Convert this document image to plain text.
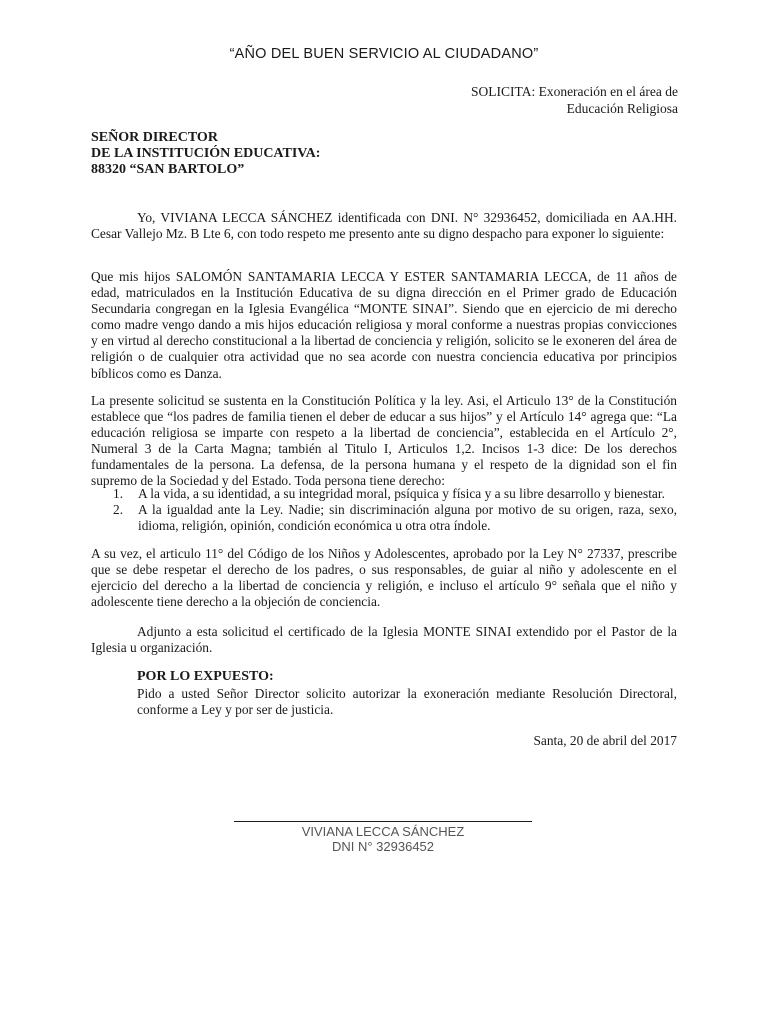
“AÑO DEL BUEN SERVICIO AL CIUDADANO”
SOLICITA: Exoneración en el área de
Educación Religiosa
SEÑOR DIRECTOR
DE LA INSTITUCIÓN EDUCATIVA:
88320 “SAN BARTOLO”

Yo, VIVIANA LECCA SÁNCHEZ identificada con DNI. N° 32936452, domiciliada en AA.HH. Cesar Vallejo Mz. B Lte 6, con todo respeto me presento ante su digno despacho para exponer lo siguiente:

Que mis hijos SALOMÓN SANTAMARIA LECCA Y ESTER SANTAMARIA LECCA, de 11 años de edad, matriculados en la Institución Educativa de su digna dirección en el Primer grado de Educación Secundaria congregan en la Iglesia Evangélica “MONTE SINAI”. Siendo que en ejercicio de mi derecho como madre vengo dando a mis hijos educación religiosa y moral conforme a nuestras propias convicciones y en virtud al derecho constitucional a la libertad de conciencia y religión, solicito se le exoneren del área de religión o de cualquier otra actividad que no sea acorde con nuestra conciencia educativa por principios bíblicos como es Danza.

La presente solicitud se sustenta en la Constitución Política y la ley. Asi, el Articulo 13° de la Constitución establece que “los padres de familia tienen el deber de educar a sus hijos” y el Artículo 14° agrega que: “La educación religiosa se imparte con respeto a la libertad de conciencia”, establecida en el Artículo 2°, Numeral 3 de la Carta Magna; también al Titulo I, Articulos 1,2. Incisos 1-3 dice: De los derechos fundamentales de la persona. La defensa, de la persona humana y el respeto de la dignidad son el fin supremo de la Sociedad y del Estado. Toda persona tiene derecho:

1. A la vida, a su identidad, a su integridad moral, psíquica y física y a su libre desarrollo y bienestar.
2. A la igualdad ante la Ley. Nadie; sin discriminación alguna por motivo de su origen, raza, sexo, idioma, religión, opinión, condición económica u otra otra índole.

A su vez, el articulo 11° del Código de los Niños y Adolescentes, aprobado por la Ley N° 27337, prescribe que se debe respetar el derecho de los padres, o sus responsables, de guiar al niño y adolescente en el ejercicio del derecho a la libertad de conciencia y religión, e incluso el artículo 9° señala que el niño y adolescente tiene derecho a la objeción de conciencia.

Adjunto a esta solicitud el certificado de la Iglesia MONTE SINAI extendido por el Pastor de la Iglesia u organización.

POR LO EXPUESTO:

Pido a usted Señor Director solicito autorizar la exoneración mediante Resolución Directoral, conforme a Ley y por ser de justicia.

Santa, 20 de abril del 2017
VIVIANA LECCA SÁNCHEZ
DNI N° 32936452
